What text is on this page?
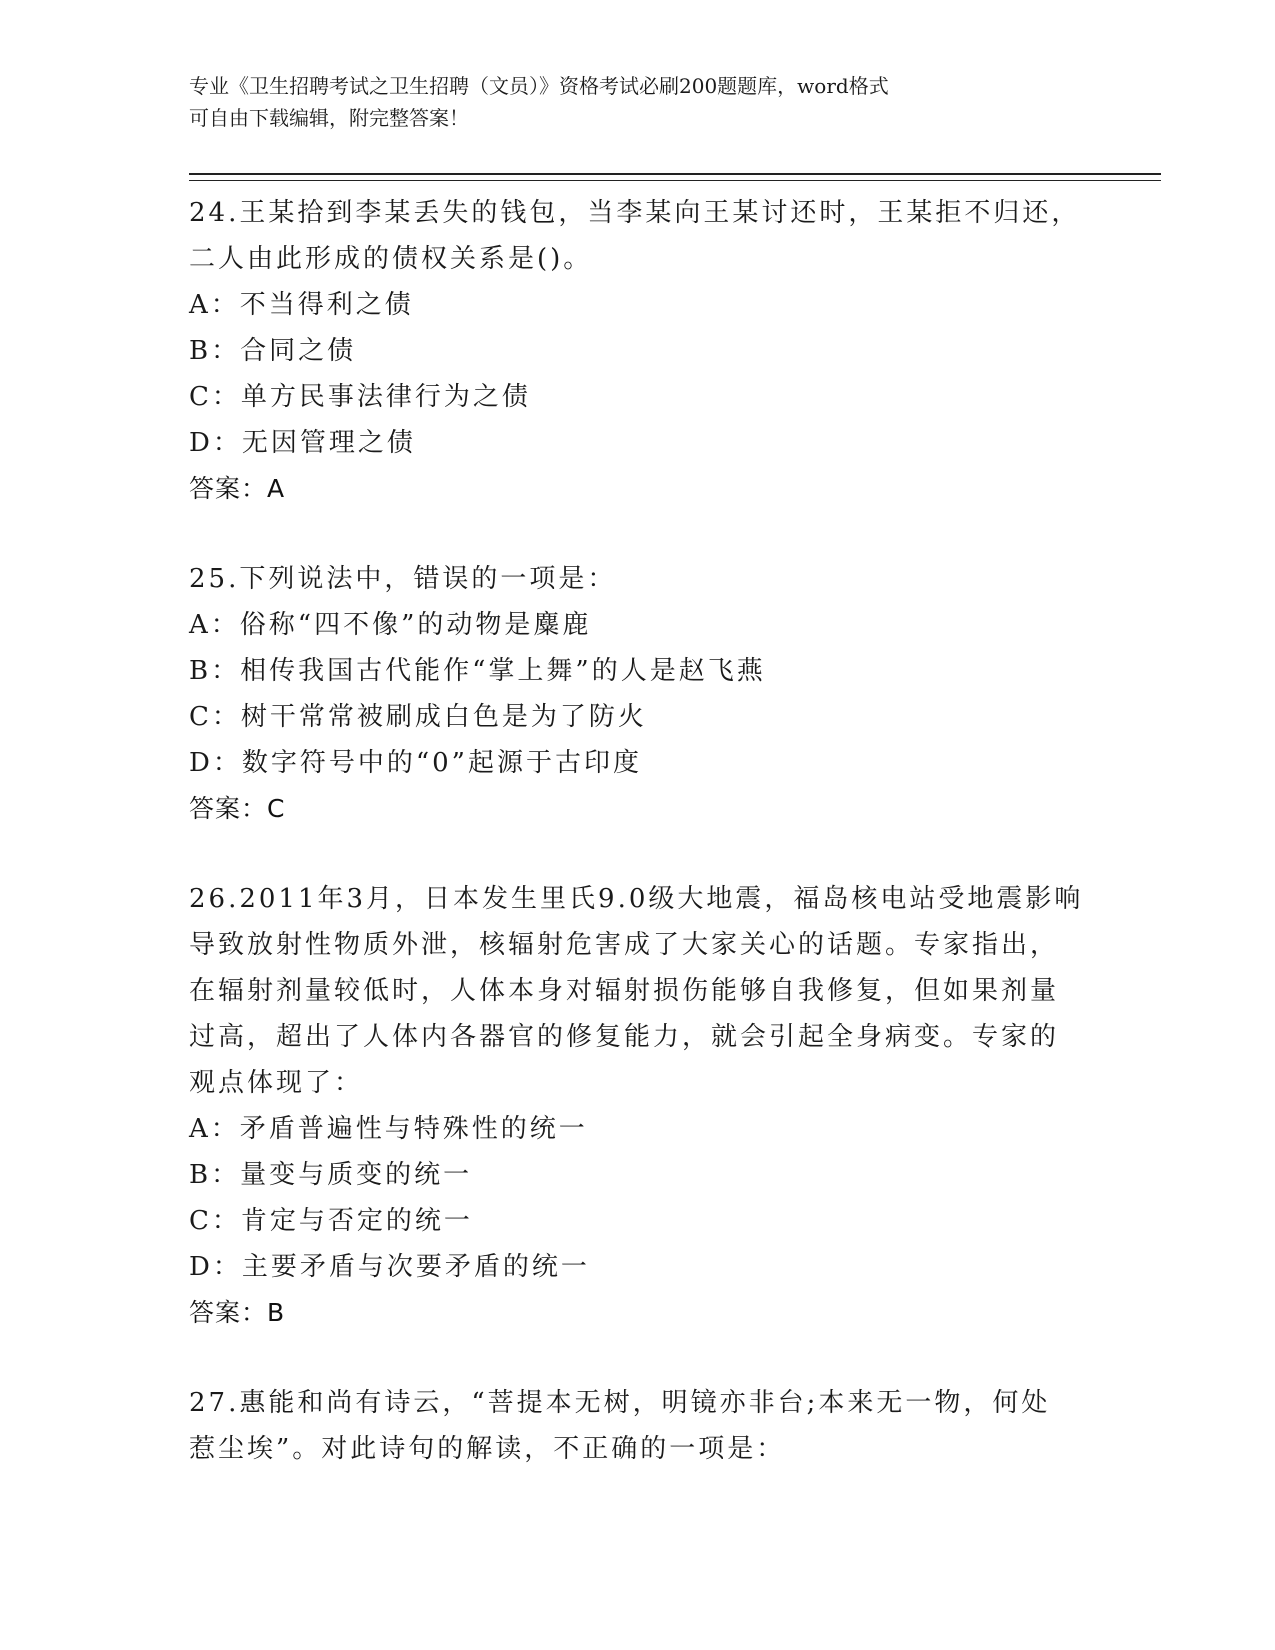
专业《卫生招聘考试之卫生招聘（文员）》资格考试必刷200题题库，word格式
可自由下载编辑，附完整答案！
24.王某拾到李某丢失的钱包，当李某向王某讨还时，王某拒不归还，
二人由此形成的债权关系是()。
A：不当得利之债
B：合同之债
C：单方民事法律行为之债
D：无因管理之债
答案：A
25.下列说法中，错误的一项是：
A：俗称“四不像”的动物是麋鹿
B：相传我国古代能作“掌上舞”的人是赵飞燕
C：树干常常被刷成白色是为了防火
D：数字符号中的“0”起源于古印度
答案：C
26.2011年3月，日本发生里氏9.0级大地震，福岛核电站受地震影响
导致放射性物质外泄，核辐射危害成了大家关心的话题。专家指出，
在辐射剂量较低时，人体本身对辐射损伤能够自我修复，但如果剂量
过高，超出了人体内各器官的修复能力，就会引起全身病变。专家的
观点体现了：
A：矛盾普遍性与特殊性的统一
B：量变与质变的统一
C：肯定与否定的统一
D：主要矛盾与次要矛盾的统一
答案：B
27.惠能和尚有诗云，“菩提本无树，明镜亦非台;本来无一物，何处
惹尘埃”。对此诗句的解读，不正确的一项是：
